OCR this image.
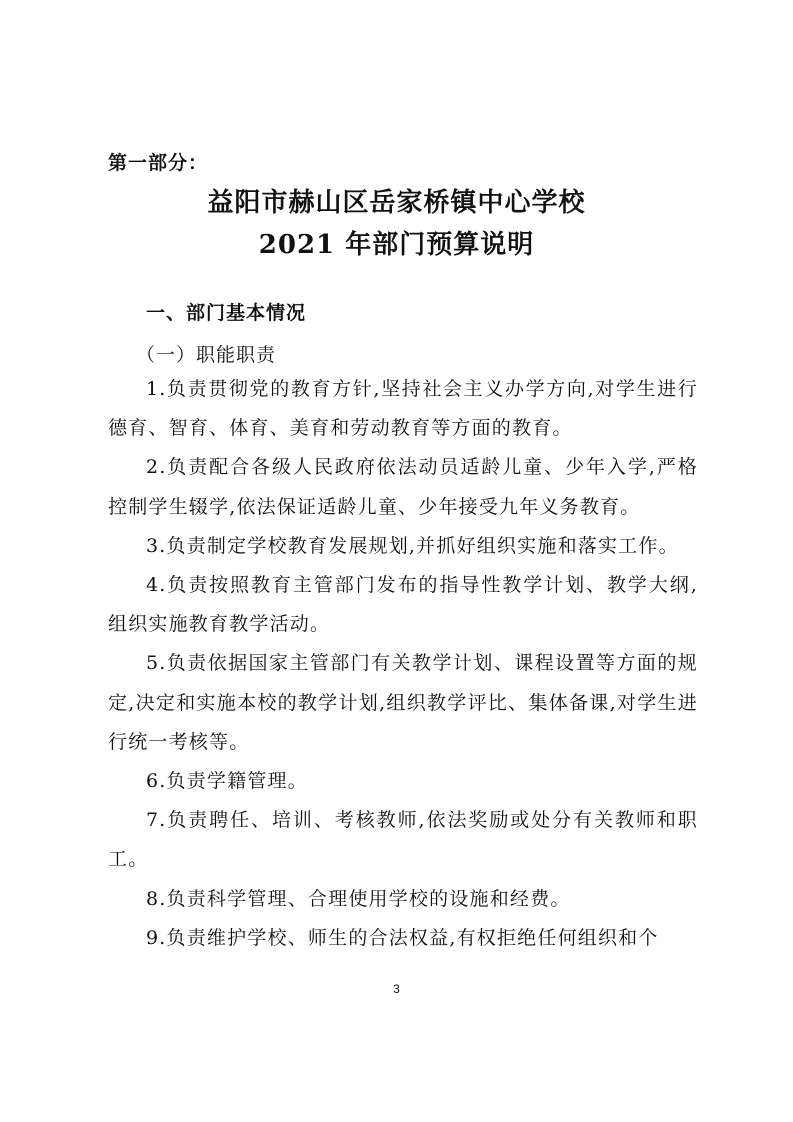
第一部分：
益阳市赫山区岳家桥镇中心学校
2021 年部门预算说明
一、部门基本情况
（一）职能职责

1.负责贯彻党的教育方针,坚持社会主义办学方向,对学生进行德育、智育、体育、美育和劳动教育等方面的教育。

2.负责配合各级人民政府依法动员适龄儿童、少年入学,严格控制学生辍学,依法保证适龄儿童、少年接受九年义务教育。

3.负责制定学校教育发展规划,并抓好组织实施和落实工作。

4.负责按照教育主管部门发布的指导性教学计划、教学大纲,组织实施教育教学活动。

5.负责依据国家主管部门有关教学计划、课程设置等方面的规定,决定和实施本校的教学计划,组织教学评比、集体备课,对学生进行统一考核等。

6.负责学籍管理。

7.负责聘任、培训、考核教师,依法奖励或处分有关教师和职工。

8.负责科学管理、合理使用学校的设施和经费。

9.负责维护学校、师生的合法权益,有权拒绝任何组织和个

3
